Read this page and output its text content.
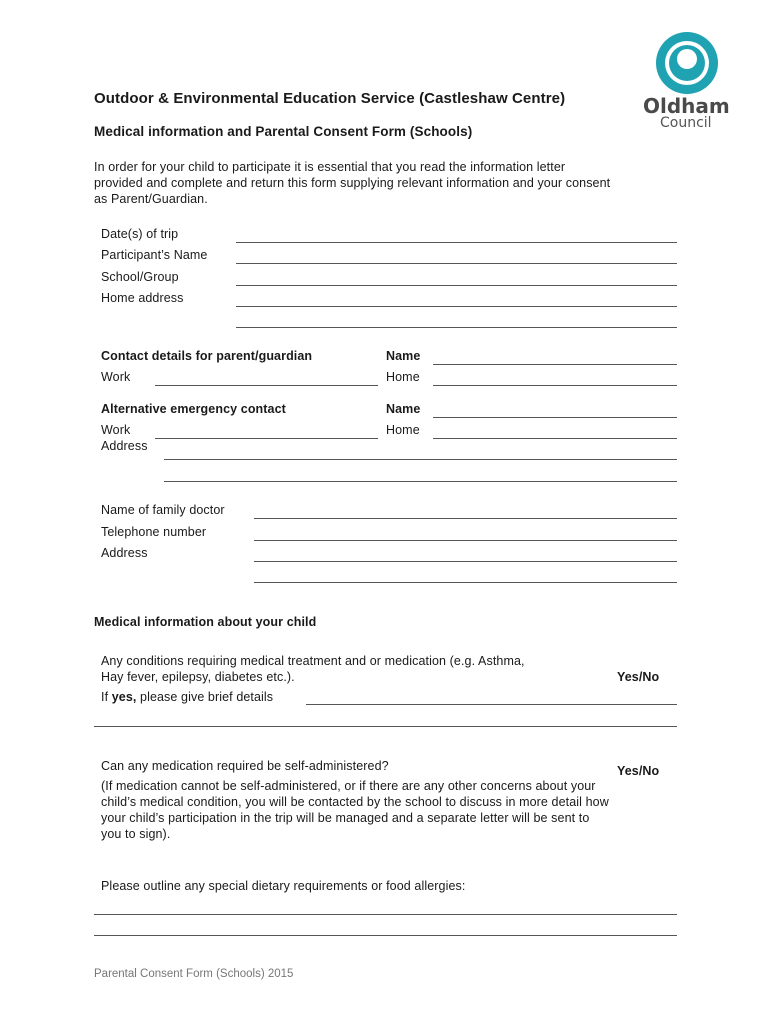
Outdoor & Environmental Education Service (Castleshaw Centre)
Medical information and Parental Consent Form (Schools)
Oldham
Council
In order for your child to participate it is essential that you read the information letter
provided and complete and return this form supplying relevant information and your consent
as Parent/Guardian.
Date(s) of trip
Participant’s Name
School/Group
Home address
Contact details for parent/guardian	Name
Work	Home
Alternative emergency contact	Name
Work	Home
Address
Name of family doctor
Telephone number
Address
Medical information about your child
Any conditions requiring medical treatment and or medication (e.g. Asthma,
Hay fever, epilepsy, diabetes etc.).	Yes/No
If yes, please give brief details
Can any medication required be self-administered?	Yes/No
(If medication cannot be self-administered, or if there are any other concerns about your
child’s medical condition, you will be contacted by the school to discuss in more detail how
your child’s participation in the trip will be managed and a separate letter will be sent to
you to sign).
Please outline any special dietary requirements or food allergies:
Parental Consent Form (Schools) 2015
